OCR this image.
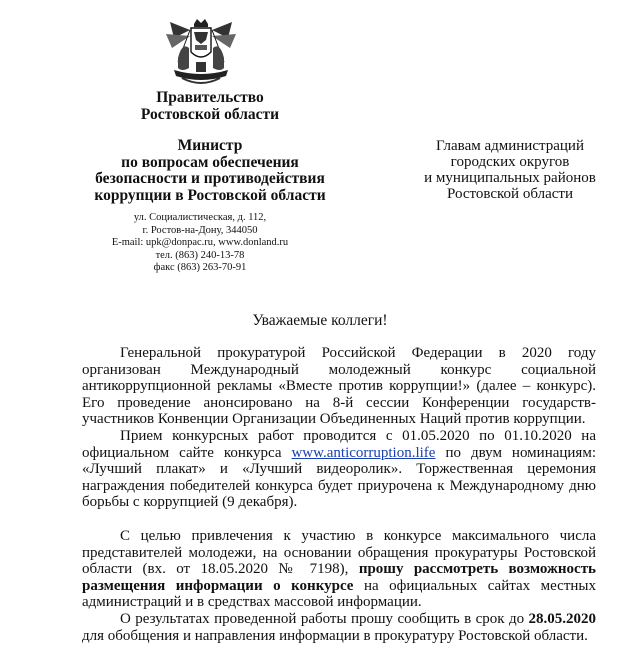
Правительство
Ростовской области
Министр
по вопросам обеспечения
безопасности и противодействия
коррупции в Ростовской области
ул. Социалистическая, д. 112,
г. Ростов-на-Дону, 344050
E-mail: upk@donpac.ru, www.donland.ru
тел. (863) 240-13-78
факс (863) 263-70-91
Главам администраций
городских округов
и муниципальных районов
Ростовской области
Уважаемые коллеги!

Генеральной прокуратурой Российской Федерации в 2020 году организован Международный молодежный конкурс социальной антикоррупционной рекламы «Вместе против коррупции!» (далее – конкурс). Его проведение анонсировано на 8-й сессии Конференции государств-участников Конвенции Организации Объединенных Наций против коррупции.

Прием конкурсных работ проводится с 01.05.2020 по 01.10.2020 на официальном сайте конкурса www.anticorruption.life по двум номинациям: «Лучший плакат» и «Лучший видеоролик». Торжественная церемония награждения победителей конкурса будет приурочена к Международному дню борьбы с коррупцией (9 декабря).

С целью привлечения к участию в конкурсе максимального числа представителей молодежи, на основании обращения прокуратуры Ростовской области (вх. от 18.05.2020 № 7198), прошу рассмотреть возможность размещения информации о конкурсе на официальных сайтах местных администраций и в средствах массовой информации.

О результатах проведенной работы прошу сообщить в срок до 28.05.2020 для обобщения и направления информации в прокуратуру Ростовской области.
